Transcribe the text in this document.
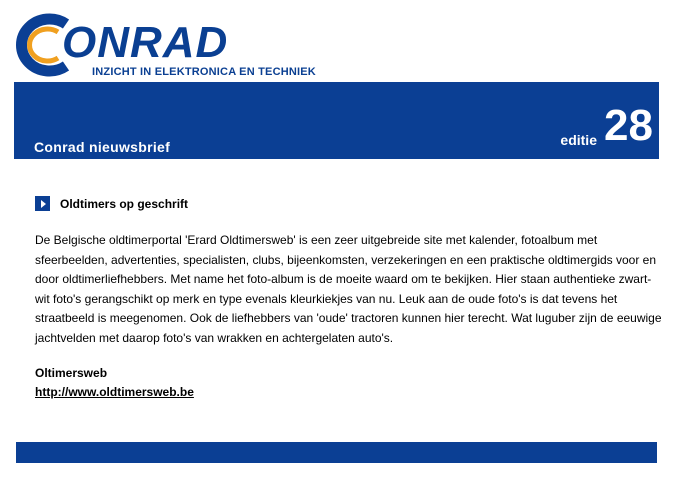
ONRAD
INZICHT IN ELEKTRONICA EN TECHNIEK
Conrad nieuwsbrief	editie 28
Oldtimers op geschrift
De Belgische oldtimerportal 'Erard Oldtimersweb' is een zeer uitgebreide site met kalender, fotoalbum met sfeerbeelden, advertenties, specialisten, clubs, bijeenkomsten, verzekeringen en een praktische oldtimergids voor en door oldtimerliefhebbers. Met name het foto-album is de moeite waard om te bekijken. Hier staan authentieke zwart-wit foto's gerangschikt op merk en type evenals kleurkiekjes van nu. Leuk aan de oude foto's is dat tevens het straatbeeld is meegenomen. Ook de liefhebbers van 'oude' tractoren kunnen hier terecht. Wat luguber zijn de eeuwige jachtvelden met daarop foto's van wrakken en achtergelaten auto's.
Oltimersweb
http://www.oldtimersweb.be
